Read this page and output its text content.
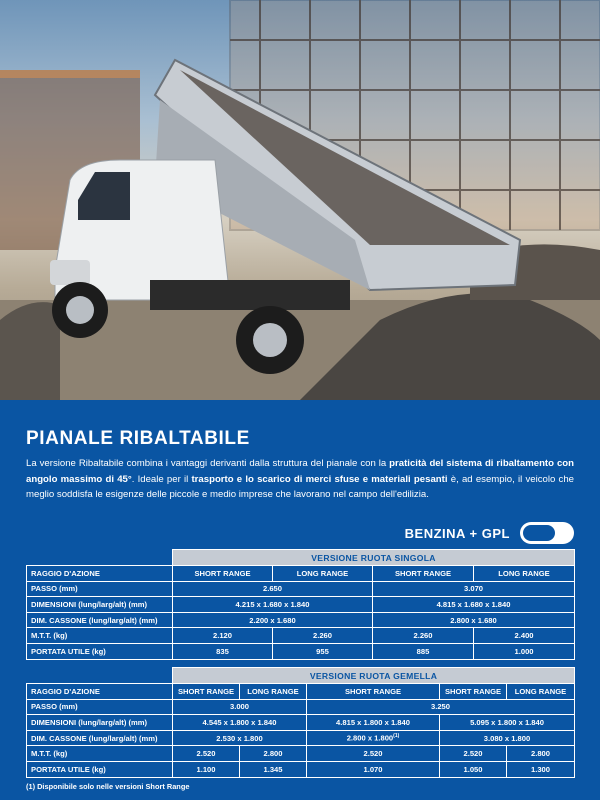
PIANALE RIBALTABILE

La versione Ribaltabile combina i vantaggi derivanti dalla struttura del pianale con la praticità del sistema di ribaltamento con angolo massimo di 45°. Ideale per il trasporto e lo scarico di merci sfuse e materiali pesanti è, ad esempio, il veicolo che meglio soddisfa le esigenze delle piccole e medio imprese che lavorano nel campo dell'edilizia.

BENZINA + GPL
	VERSIONE RUOTA SINGOLA			
RAGGIO D'AZIONE	SHORT RANGE	LONG RANGE	SHORT RANGE	LONG RANGE
PASSO (mm)	2.650		3.070	
DIMENSIONI (lung/larg/alt) (mm)	4.215 x 1.680 x 1.840		4.815 x 1.680 x 1.840	
DIM. CASSONE (lung/larg/alt) (mm)	2.200 x 1.680		2.800 x 1.680	
M.T.T. (kg)	2.120	2.260	2.260	2.400
PORTATA UTILE (kg)	835	955	885	1.000
	VERSIONE RUOTA GEMELLA				
RAGGIO D'AZIONE	SHORT RANGE	LONG RANGE	SHORT RANGE	SHORT RANGE	LONG RANGE
PASSO (mm)	3.000		3.250		
DIMENSIONI (lung/larg/alt) (mm)	4.545 x 1.800 x 1.840		4.815 x 1.800 x 1.840	5.095 x 1.800 x 1.840	
DIM. CASSONE (lung/larg/alt) (mm)	2.530 x 1.800		2.800 x 1.800$^{(1)}$	3.080 x 1.800	
M.T.T. (kg)	2.520	2.800	2.520	2.520	2.800
PORTATA UTILE (kg)	1.100	1.345	1.070	1.050	1.300
(1) Disponibile solo nelle versioni Short Range
